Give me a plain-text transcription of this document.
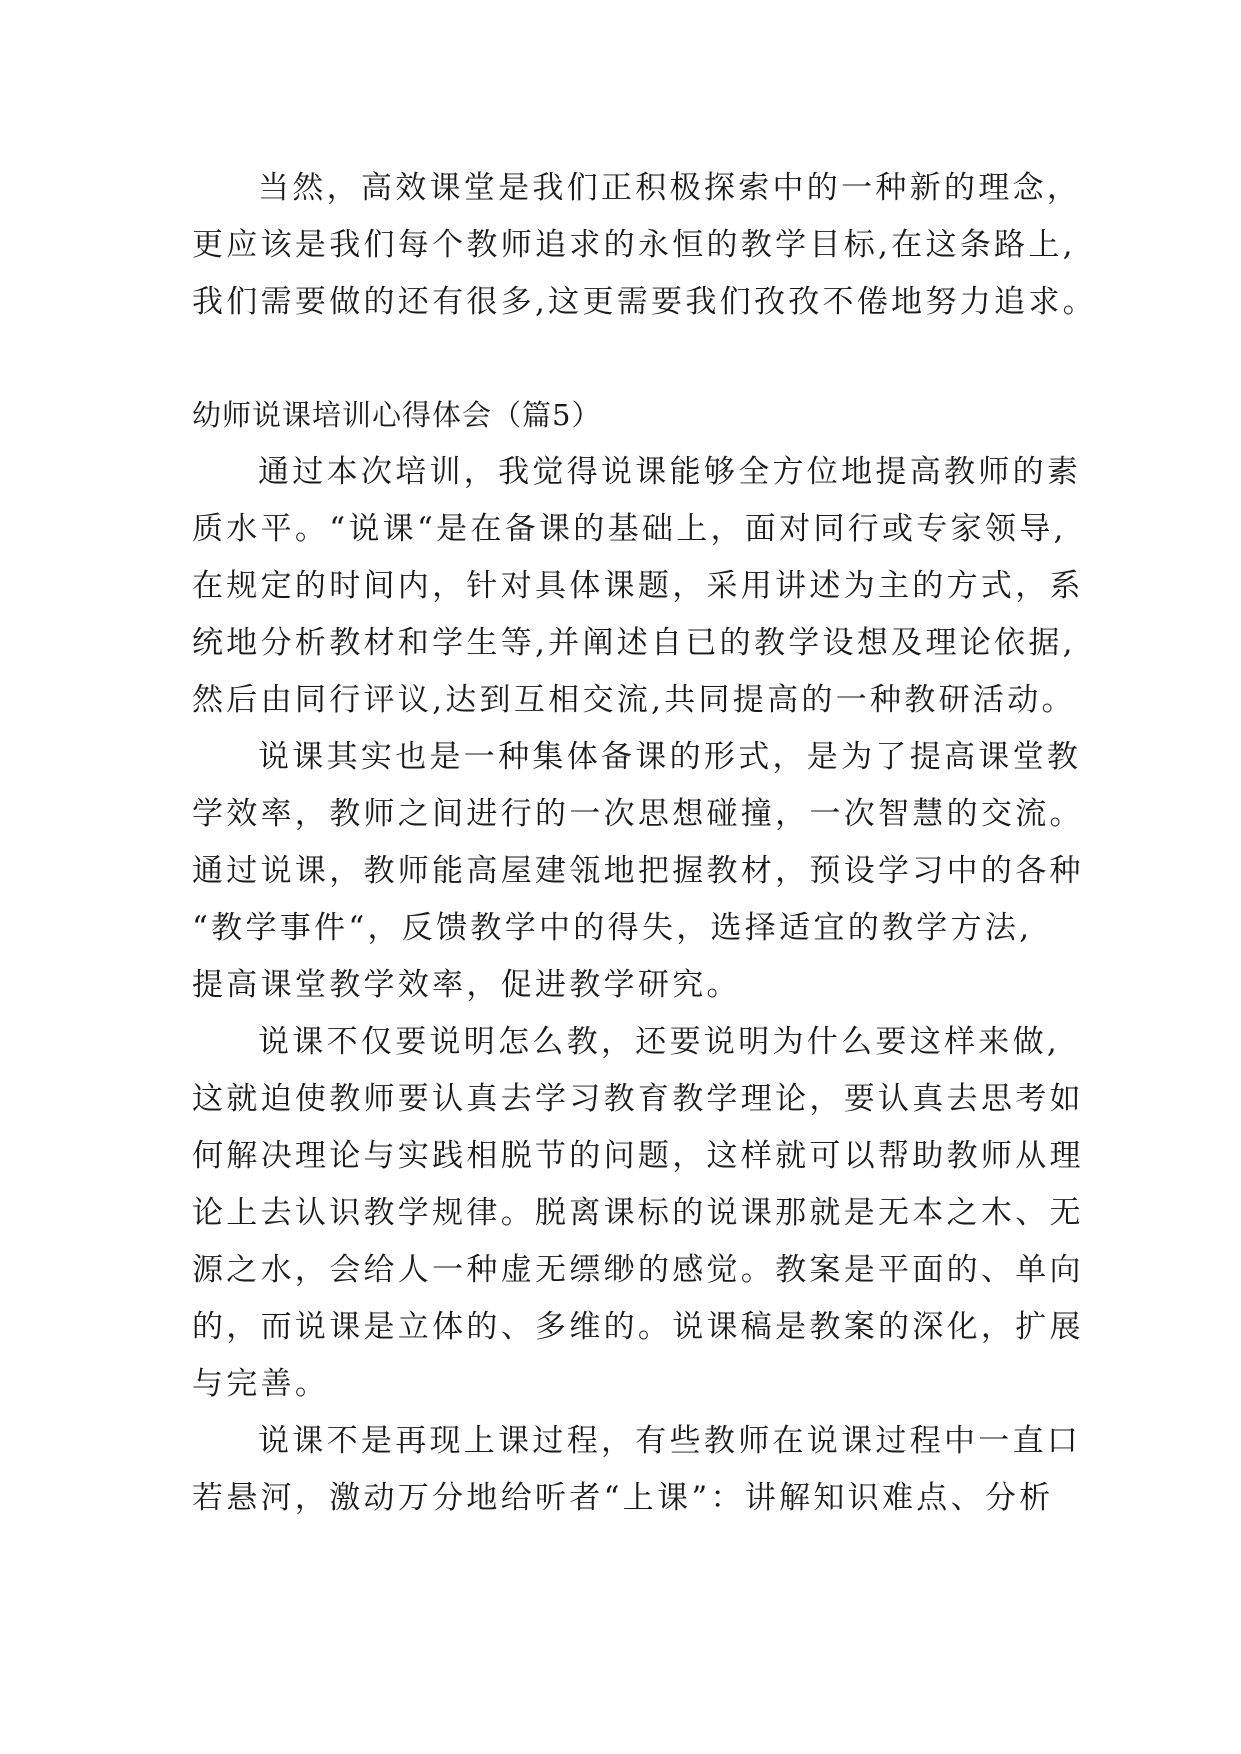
当然，高效课堂是我们正积极探索中的一种新的理念，
更应该是我们每个教师追求的永恒的教学目标,在这条路上,
我们需要做的还有很多,这更需要我们孜孜不倦地努力追求。
幼师说课培训心得体会（篇5）
通过本次培训，我觉得说课能够全方位地提高教师的素
质水平。“说课“是在备课的基础上，面对同行或专家领导,
在规定的时间内，针对具体课题，采用讲述为主的方式，系
统地分析教材和学生等,并阐述自已的教学设想及理论依据,
然后由同行评议,达到互相交流,共同提高的一种教研活动。
说课其实也是一种集体备课的形式，是为了提高课堂教
学效率，教师之间进行的一次思想碰撞，一次智慧的交流。
通过说课，教师能高屋建瓴地把握教材，预设学习中的各种
“教学事件“，反馈教学中的得失，选择适宜的教学方法,
提高课堂教学效率，促进教学研究。
说课不仅要说明怎么教，还要说明为什么要这样来做,
这就迫使教师要认真去学习教育教学理论，要认真去思考如
何解决理论与实践相脱节的问题，这样就可以帮助教师从理
论上去认识教学规律。脱离课标的说课那就是无本之木、无
源之水，会给人一种虚无缥缈的感觉。教案是平面的、单向
的，而说课是立体的、多维的。说课稿是教案的深化，扩展
与完善。
说课不是再现上课过程，有些教师在说课过程中一直口
若悬河，激动万分地给听者“上课”：讲解知识难点、分析
